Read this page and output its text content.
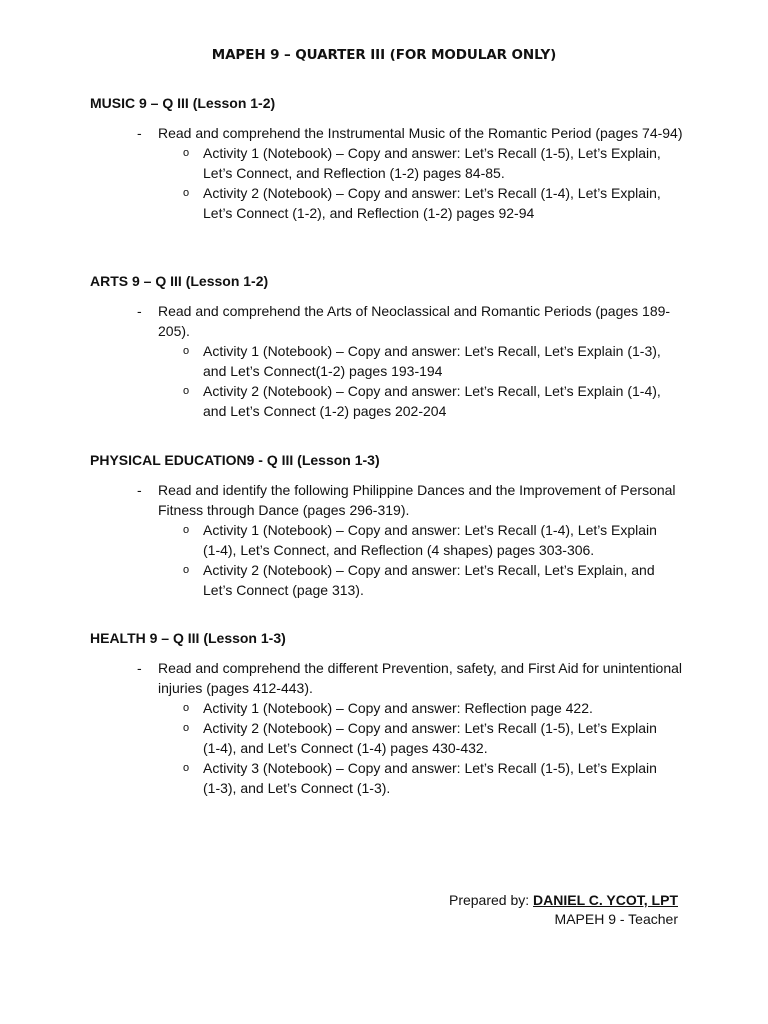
MAPEH 9 – QUARTER III (FOR MODULAR ONLY)

MUSIC 9 – Q III (Lesson 1-2)

- Read and comprehend the Instrumental Music of the Romantic Period (pages 74-94)
o Activity 1 (Notebook) – Copy and answer: Let’s Recall (1-5), Let’s Explain, Let’s Connect, and Reflection (1-2) pages 84-85.
o Activity 2 (Notebook) – Copy and answer: Let’s Recall (1-4), Let’s Explain, Let’s Connect (1-2), and Reflection (1-2) pages 92-94

ARTS 9 – Q III (Lesson 1-2)

- Read and comprehend the Arts of Neoclassical and Romantic Periods (pages 189-205).
o Activity 1 (Notebook) – Copy and answer: Let’s Recall, Let’s Explain (1-3), and Let’s Connect(1-2) pages 193-194
o Activity 2 (Notebook) – Copy and answer: Let’s Recall, Let’s Explain (1-4), and Let’s Connect (1-2) pages 202-204

PHYSICAL EDUCATION9 - Q III (Lesson 1-3)

- Read and identify the following Philippine Dances and the Improvement of Personal Fitness through Dance (pages 296-319).
o Activity 1 (Notebook) – Copy and answer: Let’s Recall (1-4), Let’s Explain (1-4), Let’s Connect, and Reflection (4 shapes) pages 303-306.
o Activity 2 (Notebook) – Copy and answer: Let’s Recall, Let’s Explain, and Let’s Connect (page 313).

HEALTH 9 – Q III (Lesson 1-3)

- Read and comprehend the different Prevention, safety, and First Aid for unintentional injuries (pages 412-443).
o Activity 1 (Notebook) – Copy and answer: Reflection page 422.
o Activity 2 (Notebook) – Copy and answer: Let’s Recall (1-5), Let’s Explain (1-4), and Let’s Connect (1-4) pages 430-432.
o Activity 3 (Notebook) – Copy and answer: Let’s Recall (1-5), Let’s Explain (1-3), and Let’s Connect (1-3).
Prepared by: DANIEL C. YCOT, LPT
MAPEH 9 - Teacher
